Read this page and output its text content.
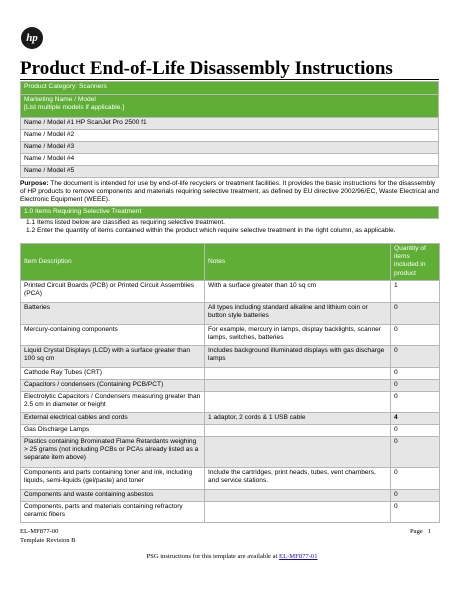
hp
Product End-of-Life Disassembly Instructions
Product Category: Scanners

Marketing Name / Model
[List multiple models if applicable.]

Name / Model #1 HP ScanJet Pro 2500 f1
Name / Model #2
Name / Model #3
Name / Model #4
Name / Model #5
Purpose: The document is intended for use by end-of-life recyclers or treatment facilities. It provides the basic instructions for the disassembly of HP products to remove components and materials requiring selective treatment, as defined by EU directive 2002/96/EC, Waste Electrical and Electronic Equipment (WEEE).
1.0 Items Requiring Selective Treatment
1.1 Items listed below are classified as requiring selective treatment.
1.2 Enter the quantity of items contained within the product which require selective treatment in the right column, as applicable.
Item Description	Notes	Quantity of items included in product
Printed Circuit Boards (PCB) or Printed Circuit Assemblies (PCA)	With a surface greater than 10 sq cm	1
Batteries	All types including standard alkaline and lithium coin or button style batteries	0
Mercury-containing components	For example, mercury in lamps, display backlights, scanner lamps, switches, batteries	0
Liquid Crystal Displays (LCD) with a surface greater than 100 sq cm	Includes background illuminated displays with gas discharge lamps	0
Cathode Ray Tubes (CRT)		0
Capacitors / condensers (Containing PCB/PCT)		0
Electrolytic Capacitors / Condensers measuring greater than 2.5 cm in diameter or height		0
External electrical cables and cords	1 adaptor, 2 cords & 1 USB cable	4
Gas Discharge Lamps		0
Plastics containing Brominated Flame Retardants weighing > 25 grams (not including PCBs or PCAs already listed as a separate item above)		0
Components and parts containing toner and ink, including liquids, semi-liquids (gel/paste) and toner	Include the cartridges, print heads, tubes, vent chambers, and service stations.	0
Components and waste containing asbestos		0
Components, parts and materials containing refractory ceramic fibers		0
EL-MF877-00
Template Revision B
Page 1
PSG instructions for this template are available at EL-MF877-01
